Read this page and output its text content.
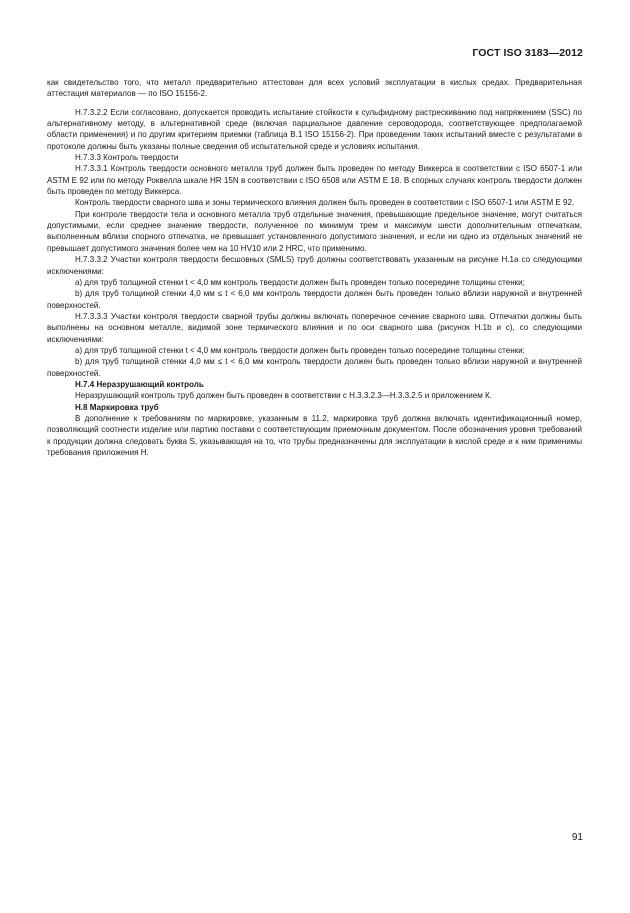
ГОСТ ISO 3183—2012

как свидетельство того, что металл предварительно аттестован для всех условий эксплуатации в кислых средах. Предварительная аттестация материалов — по ISO 15156-2.

Н.7.3.2.2 Если согласовано, допускается проводить испытание стойкости к сульфидному растрескиванию под напряжением (SSC) по альтернативному методу, в альтернативной среде (включая парциальное давление сероводорода, соответствующее предполагаемой области применения) и по другим критериям приемки (таблица В.1 ISO 15156-2). При проведении таких испытаний вместе с результатами в протоколе должны быть указаны полные сведения об испытательной среде и условиях испытания.

Н.7.3.3 Контроль твердости

Н.7.3.3.1 Контроль твердости основного металла труб должен быть проведен по методу Виккерса в соответствии с ISO 6507-1 или ASTM E 92 или по методу Роквелла шкале HR 15N в соответствии с ISO 6508 или ASTM E 18. В спорных случаях контроль твердости должен быть проведен по методу Виккерса.

Контроль твердости сварного шва и зоны термического влияния должен быть проведен в соответствии с ISO 6507-1 или ASTM E 92.

При контроле твердости тела и основного металла труб отдельные значения, превышающие предельное значение, могут считаться допустимыми, если среднее значение твердости, полученное по минимум трем и максимум шести дополнительным отпечаткам, выполненным вблизи спорного отпечатка, не превышает установленного допустимого значения, и если ни одно из отдельных значений не превышает допустимого значения более чем на 10 HV10 или 2 HRC, что применимо.

Н.7.3.3.2 Участки контроля твердости бесшовных (SMLS) труб должны соответствовать указанным на рисунке Н.1а со следующими исключениями:

a) для труб толщиной стенки t < 4,0 мм контроль твердости должен быть проведен только посередине толщины стенки;

b) для труб толщиной стенки 4,0 мм ≤ t < 6,0 мм контроль твердости должен быть проведен только вблизи наружной и внутренней поверхностей.

Н.7.3.3.3 Участки контроля твердости сварной трубы должны включать поперечное сечение сварного шва. Отпечатки должны быть выполнены на основном металле, видимой зоне термического влияния и по оси сварного шва (рисунок Н.1b и c), со следующими исключениями:

a) для труб толщиной стенки t < 4,0 мм контроль твердости должен быть проведен только посередине толщины стенки;

b) для труб толщиной стенки 4,0 мм ≤ t < 6,0 мм контроль твердости должен быть проведен только вблизи наружной и внутренней поверхностей.

Н.7.4 Неразрушающий контроль

Неразрушающий контроль труб должен быть проведен в соответствии с Н.3.3.2.3—Н.3.3.2.5 и приложением К.

Н.8 Маркировка труб

В дополнение к требованиям по маркировке, указанным в 11.2, маркировка труб должна включать идентификационный номер, позволяющий соотнести изделие или партию поставки с соответствующим приемочным документом. После обозначения уровня требований к продукции должна следовать буква S, указывающая на то, что трубы предназначены для эксплуатации в кислой среде и к ним применимы требования приложения Н.

91
